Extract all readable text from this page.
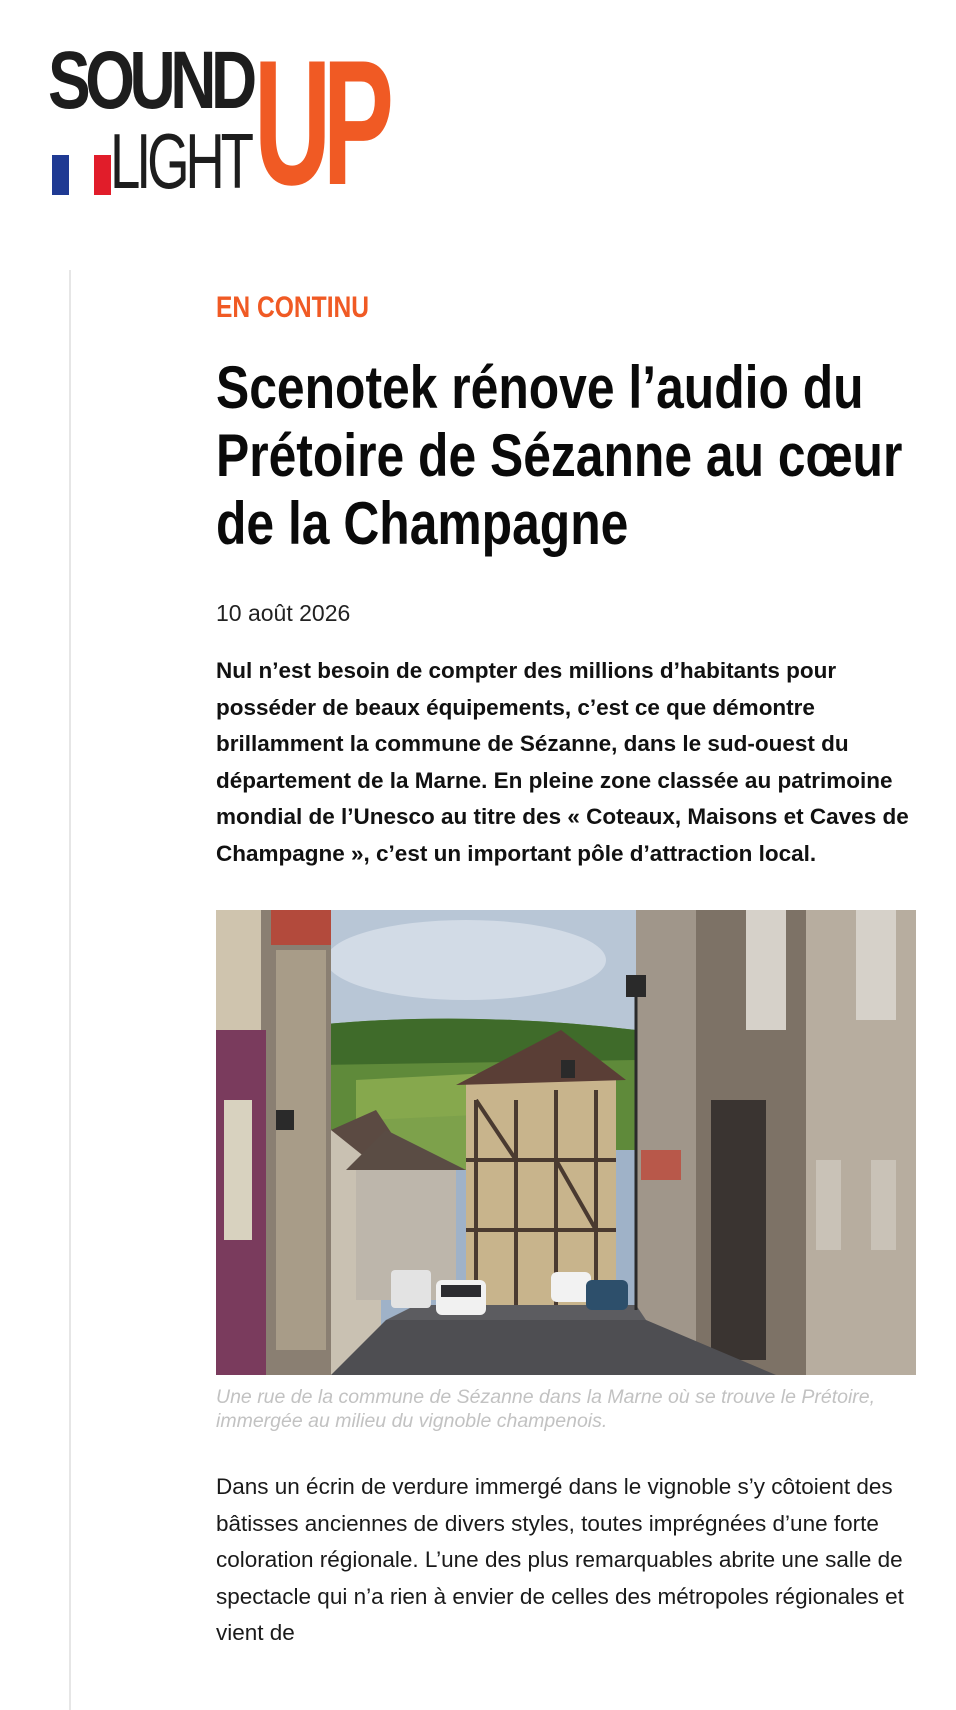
SOUND
LIGHT UP
EN CONTINU
Scenotek rénove l’audio du Prétoire de Sézanne au cœur de la Champagne
10 août 2026

Nul n’est besoin de compter des millions d’habitants pour posséder de beaux équipements, c’est ce que démontre brillamment la commune de Sézanne, dans le sud-ouest du département de la Marne. En pleine zone classée au patrimoine mondial de l’Unesco au titre des « Coteaux, Maisons et Caves de Champagne », c’est un important pôle d’attraction local.

Une rue de la commune de Sézanne dans la Marne où se trouve le Prétoire, immergée au milieu du vignoble champenois.

Dans un écrin de verdure immergé dans le vignoble s’y côtoient des bâtisses anciennes de divers styles, toutes imprégnées d’une forte coloration régionale. L’une des plus remarquables abrite une salle de spectacle qui n’a rien à envier de celles des métropoles régionales et vient de
